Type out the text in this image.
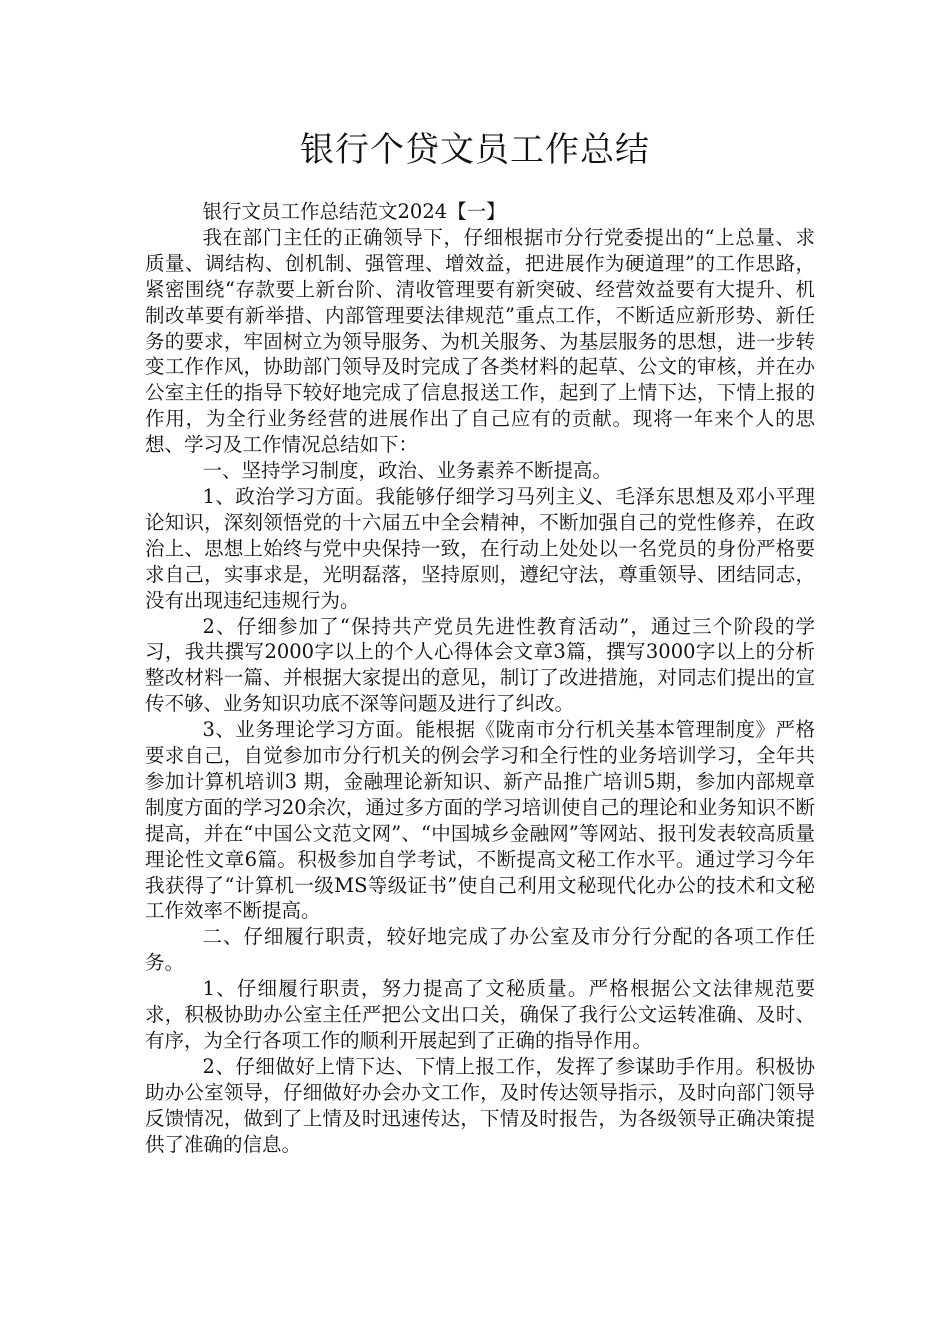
银行个贷文员工作总结

银行文员工作总结范文2024【一】

我在部门主任的正确领导下，仔细根据市分行党委提出的“上总量、求质量、调结构、创机制、强管理、增效益，把进展作为硬道理”的工作思路，紧密围绕“存款要上新台阶、清收管理要有新突破、经营效益要有大提升、机制改革要有新举措、内部管理要法律规范”重点工作，不断适应新形势、新任务的要求，牢固树立为领导服务、为机关服务、为基层服务的思想，进一步转变工作作风，协助部门领导及时完成了各类材料的起草、公文的审核，并在办公室主任的指导下较好地完成了信息报送工作，起到了上情下达，下情上报的作用，为全行业务经营的进展作出了自己应有的贡献。现将一年来个人的思想、学习及工作情况总结如下：

一、坚持学习制度，政治、业务素养不断提高。

1、政治学习方面。我能够仔细学习马列主义、毛泽东思想及邓小平理论知识，深刻领悟党的十六届五中全会精神，不断加强自己的党性修养，在政治上、思想上始终与党中央保持一致，在行动上处处以一名党员的身份严格要求自己，实事求是，光明磊落，坚持原则，遵纪守法，尊重领导、团结同志，没有出现违纪违规行为。

2、仔细参加了“保持共产党员先进性教育活动”，通过三个阶段的学习，我共撰写2000字以上的个人心得体会文章3篇，撰写3000字以上的分析整改材料一篇、并根据大家提出的意见，制订了改进措施，对同志们提出的宣传不够、业务知识功底不深等问题及进行了纠改。

3、业务理论学习方面。能根据《陇南市分行机关基本管理制度》严格要求自己，自觉参加市分行机关的例会学习和全行性的业务培训学习，全年共参加计算机培训3 期，金融理论新知识、新产品推广培训5期，参加内部规章制度方面的学习20余次，通过多方面的学习培训使自己的理论和业务知识不断提高，并在“中国公文范文网”、“中国城乡金融网”等网站、报刊发表较高质量理论性文章6篇。积极参加自学考试，不断提高文秘工作水平。通过学习今年我获得了“计算机一级MS等级证书”使自己利用文秘现代化办公的技术和文秘工作效率不断提高。

二、仔细履行职责，较好地完成了办公室及市分行分配的各项工作任务。

1、仔细履行职责，努力提高了文秘质量。严格根据公文法律规范要求，积极协助办公室主任严把公文出口关，确保了我行公文运转准确、及时、有序，为全行各项工作的顺利开展起到了正确的指导作用。

2、仔细做好上情下达、下情上报工作，发挥了参谋助手作用。积极协助办公室领导，仔细做好办会办文工作，及时传达领导指示，及时向部门领导反馈情况，做到了上情及时迅速传达，下情及时报告，为各级领导正确决策提供了准确的信息。
